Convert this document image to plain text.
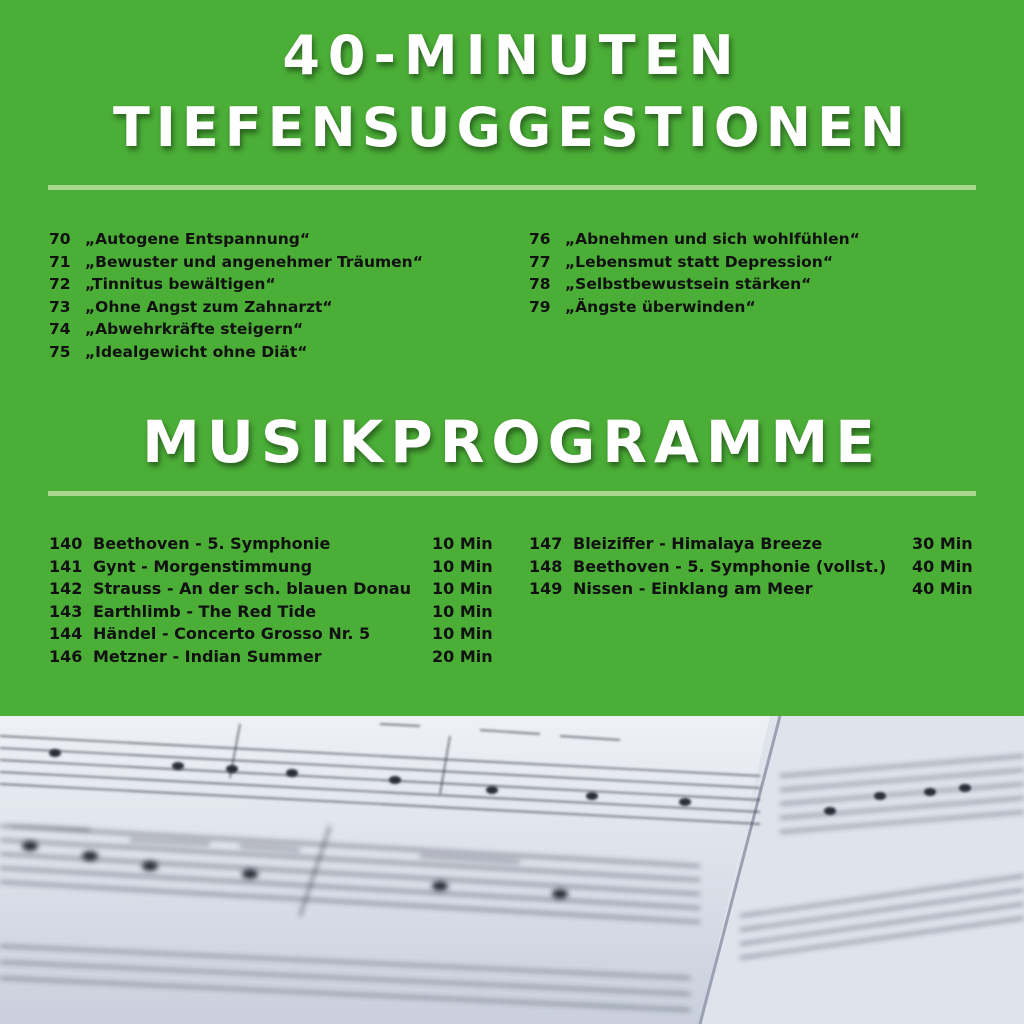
40-MINUTEN
TIEFENSUGGESTIONEN
70 „Autogene Entspannung“
71 „Bewuster und angenehmer Träumen“
72 „Tinnitus bewältigen“
73 „Ohne Angst zum Zahnarzt“
74 „Abwehrkräfte steigern“
75 „Idealgewicht ohne Diät“
76 „Abnehmen und sich wohlfühlen“
77 „Lebensmut statt Depression“
78 „Selbstbewustsein stärken“
79 „Ängste überwinden“
MUSIKPROGRAMME
140 Beethoven - 5. Symphonie	10 Min
141 Gynt - Morgenstimmung	10 Min
142 Strauss - An der sch. blauen Donau 10 Min
143 Earthlimb - The Red Tide	10 Min
144 Händel - Concerto Grosso Nr. 5	10 Min
146 Metzner - Indian Summer	20 Min
147 Bleiziffer - Himalaya Breeze	30 Min
148 Beethoven - 5. Symphonie (vollst.) 40 Min
149 Nissen - Einklang am Meer	40 Min
